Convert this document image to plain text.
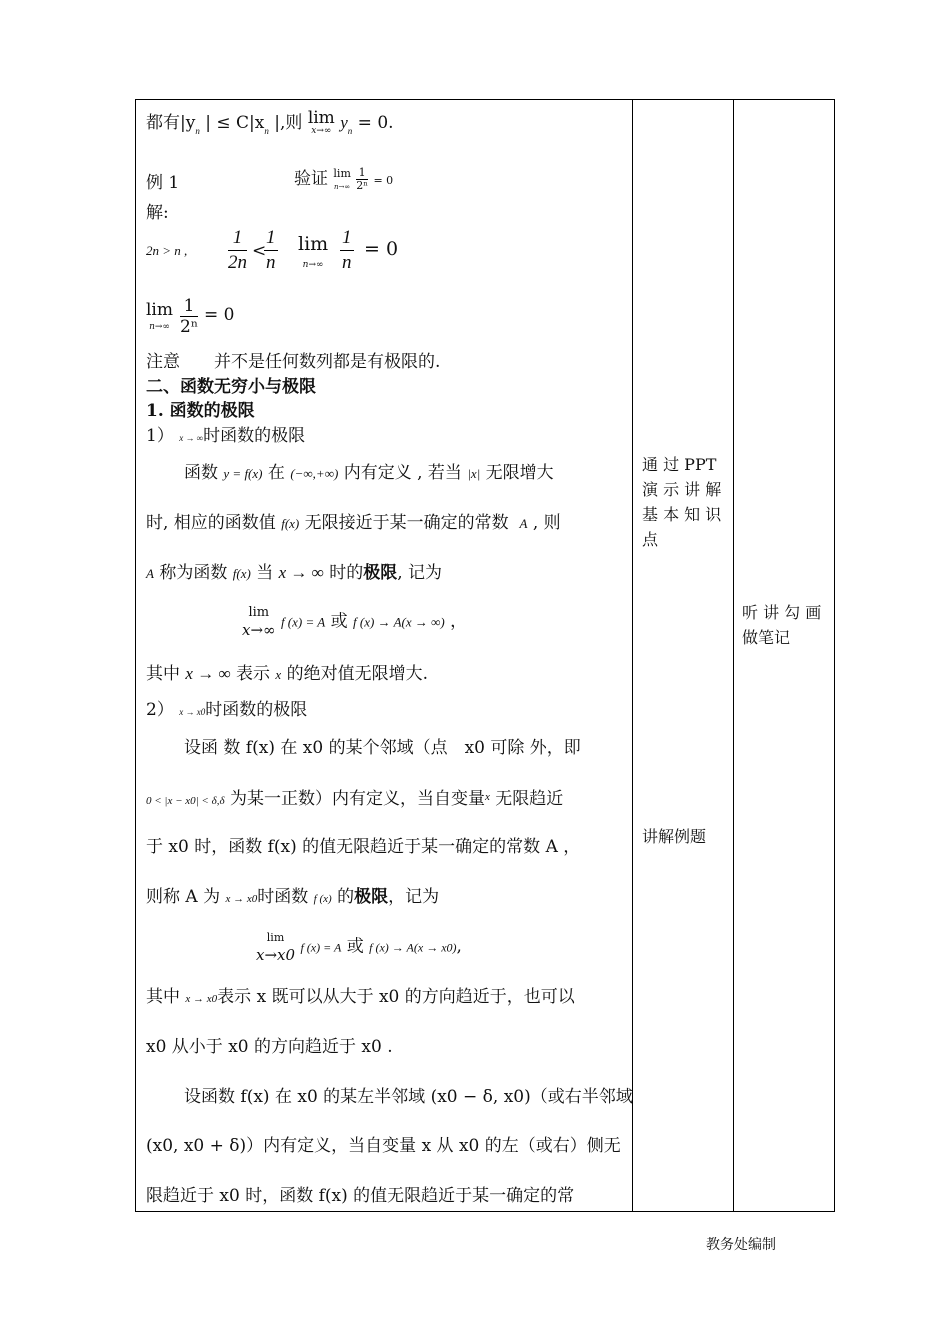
都有$|y_n$ | ≤ $C|x_n$ |,则 lim
x→∞ $y_n = 0$.
例 1	验证 lim
n→∞
$\frac{1}{\text{2ⁿ}} = 0$
解:
2n > n , $\frac{1}{2n}$ <
$\frac{1}{n}$ lim
$n\to\infty \frac{1}{n} = 0$
lim
$n\to\infty \frac{1}{\text{2ⁿ}} = 0$
注意　　并不是任何数列都是有极限的.
二、函数无穷小与极限
1. 函数的极限
1） x → ∞时函数的极限
函数 y = f(x) 在 (−∞,+∞) 内有定义 , 若当 |x| 无限增大
时, 相应的函数值 f(x) 无限接近于某一确定的常数 A , 则
A 称为函数 f(x) 当 x → ∞ 时的极限, 记为
lim
x→∞ f (x) = A 或 f (x) → A(x → ∞) ，
其中 x → ∞ 表示 x 的绝对值无限增大.
2） x → x0时函数的极限
设函 数 f(x) 在 x0 的某个邻域（点　x0 可除 外，即
0 < |x − x0| < δ,δ 为某一正数）内有定义，当自变量$^x$ 无限趋近
于 x0 时，函数 f(x) 的值无限趋近于某一确定的常数 A ，
则称 A 为 x → x0时函数 f (x) 的极限，记为
lim
x→x0 f (x) = A 或 f (x) → A(x → x0),
其中 x → x0表示 x 既可以从大于 x0 的方向趋近于，也可以
x0 从小于 x0 的方向趋近于 x0 .
设函数 f(x) 在 x0 的某左半邻域 (x0 − δ, x0)（或右半邻域
(x0, x0 + δ)）内有定义，当自变量 x 从 x0 的左（或右）侧无
限趋近于 x0 时，函数 f(x) 的值无限趋近于某一确定的常
通 过 PPT
演 示 讲 解
基 本 知 识
点
讲解例题
听 讲 勾 画
做笔记
教务处编制
